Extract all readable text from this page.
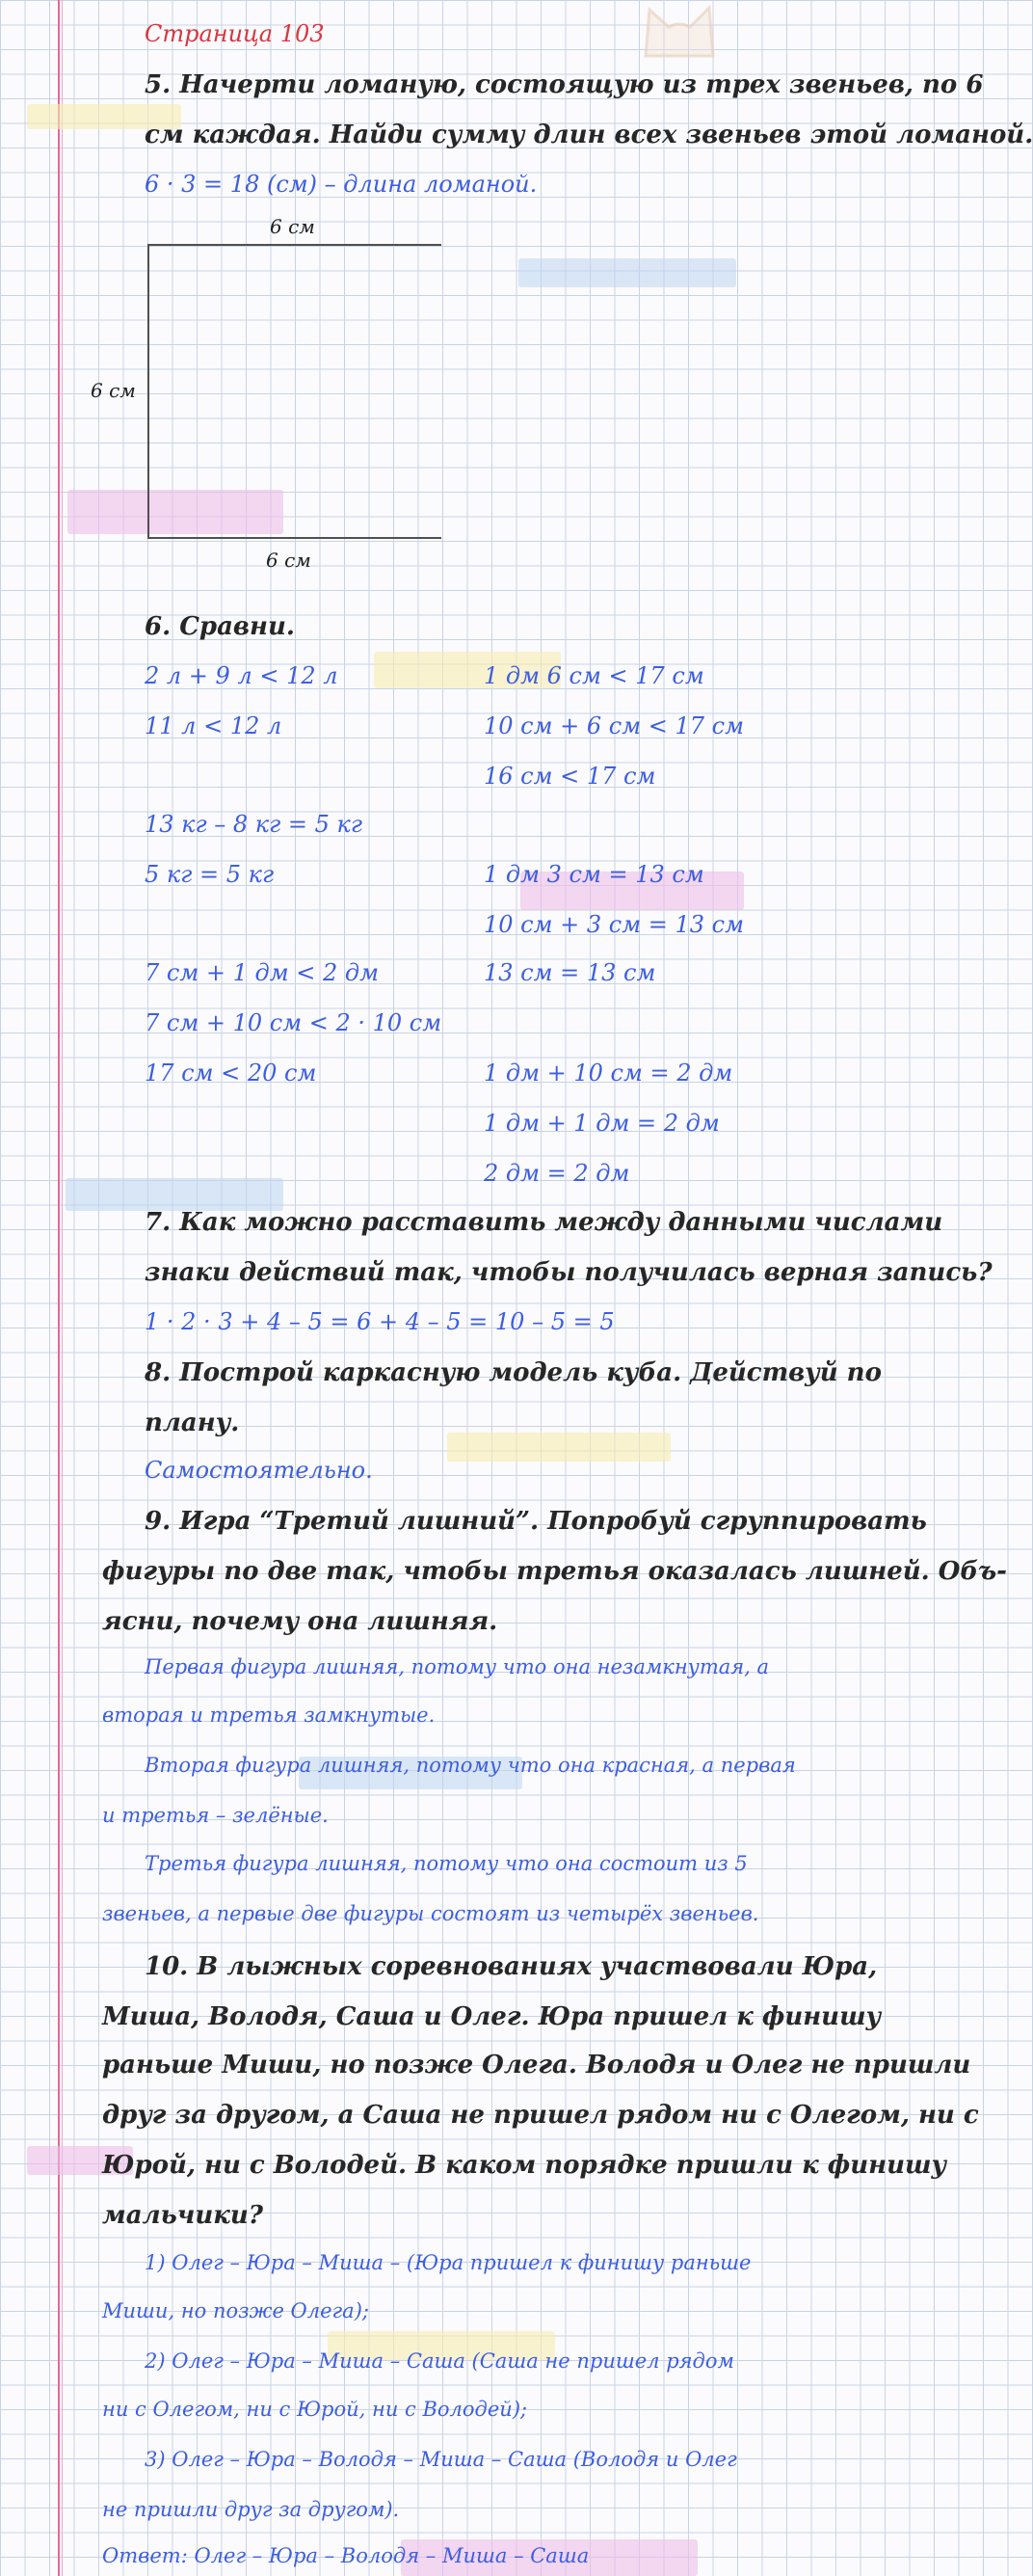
Страница 103
5. Начерти ломаную, состоящую из трех звеньев, по 6
см каждая. Найди сумму длин всех звеньев этой ломаной.
6 · 3 = 18 (см) – длина ломаной.
6 см
6 см
6 см
6. Сравни.
2 л + 9 л < 12 л
11 л < 12 л
13 кг – 8 кг = 5 кг
5 кг = 5 кг
7 см + 1 дм < 2 дм
7 см + 10 см < 2 · 10 см
17 см < 20 см
1 дм 6 см < 17 см
10 см + 6 см < 17 см
16 см < 17 см
1 дм 3 см = 13 см
10 см + 3 см = 13 см
13 см = 13 см
1 дм + 10 см = 2 дм
1 дм + 1 дм = 2 дм
2 дм = 2 дм
7. Как можно расставить между данными числами
знаки действий так, чтобы получилась верная запись?
1 · 2 · 3 + 4 – 5 = 6 + 4 – 5 = 10 – 5 = 5
8. Построй каркасную модель куба. Действуй по
плану.
Самостоятельно.
9. Игра “Третий лишний”. Попробуй сгруппировать
фигуры по две так, чтобы третья оказалась лишней. Объ-
ясни, почему она лишняя.
Первая фигура лишняя, потому что она незамкнутая, а
вторая и третья замкнутые.
Вторая фигура лишняя, потому что она красная, а первая
и третья – зелёные.
Третья фигура лишняя, потому что она состоит из 5
звеньев, а первые две фигуры состоят из четырёх звеньев.
10. В лыжных соревнованиях участвовали Юра,
Миша, Володя, Саша и Олег. Юра пришел к финишу
раньше Миши, но позже Олега. Володя и Олег не пришли
друг за другом, а Саша не пришел рядом ни с Олегом, ни с
Юрой, ни с Володей. В каком порядке пришли к финишу
мальчики?
1) Олег – Юра – Миша – (Юра пришел к финишу раньше
Миши, но позже Олега);
2) Олег – Юра – Миша – Саша (Саша не пришел рядом
ни с Олегом, ни с Юрой, ни с Володей);
3) Олег – Юра – Володя – Миша – Саша (Володя и Олег
не пришли друг за другом).
Ответ: Олег – Юра – Володя – Миша – Саша
